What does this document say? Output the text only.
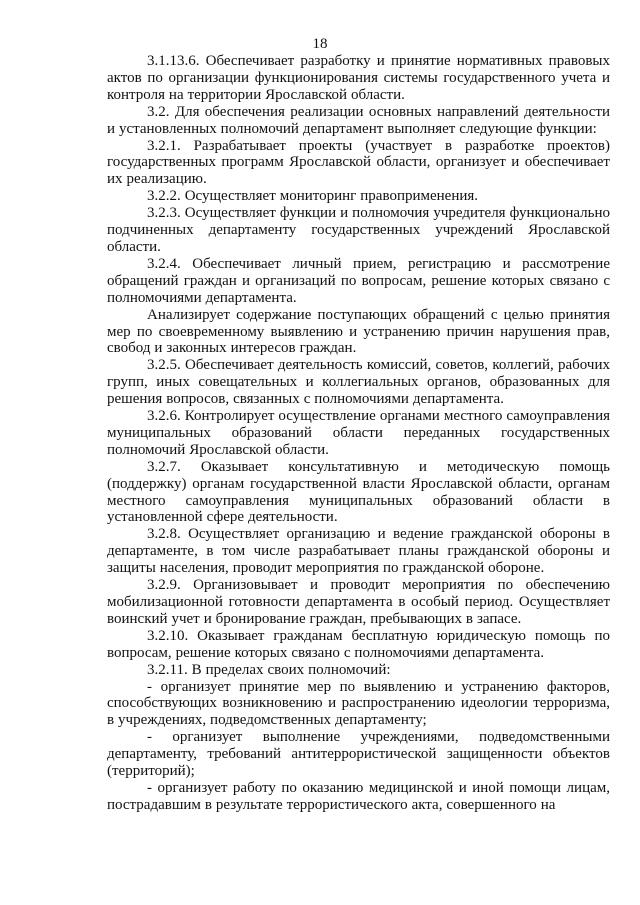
18

3.1.13.6. Обеспечивает разработку и принятие нормативных правовых актов по организации функционирования системы государственного учета и контроля на территории Ярославской области.

3.2. Для обеспечения реализации основных направлений деятельности и установленных полномочий департамент выполняет следующие функции:

3.2.1. Разрабатывает проекты (участвует в разработке проектов) государственных программ Ярославской области, организует и обеспечивает их реализацию.

3.2.2. Осуществляет мониторинг правоприменения.

3.2.3. Осуществляет функции и полномочия учредителя функционально подчиненных департаменту государственных учреждений Ярославской области.

3.2.4. Обеспечивает личный прием, регистрацию и рассмотрение обращений граждан и организаций по вопросам, решение которых связано с полномочиями департамента.

Анализирует содержание поступающих обращений с целью принятия мер по своевременному выявлению и устранению причин нарушения прав, свобод и законных интересов граждан.

3.2.5. Обеспечивает деятельность комиссий, советов, коллегий, рабочих групп, иных совещательных и коллегиальных органов, образованных для решения вопросов, связанных с полномочиями департамента.

3.2.6. Контролирует осуществление органами местного самоуправления муниципальных образований области переданных государственных полномочий Ярославской области.

3.2.7. Оказывает консультативную и методическую помощь (поддержку) органам государственной власти Ярославской области, органам местного самоуправления муниципальных образований области в установленной сфере деятельности.

3.2.8. Осуществляет организацию и ведение гражданской обороны в департаменте, в том числе разрабатывает планы гражданской обороны и защиты населения, проводит мероприятия по гражданской обороне.

3.2.9. Организовывает и проводит мероприятия по обеспечению мобилизационной готовности департамента в особый период. Осуществляет воинский учет и бронирование граждан, пребывающих в запасе.

3.2.10. Оказывает гражданам бесплатную юридическую помощь по вопросам, решение которых связано с полномочиями департамента.

3.2.11. В пределах своих полномочий:

- организует принятие мер по выявлению и устранению факторов, способствующих возникновению и распространению идеологии терроризма, в учреждениях, подведомственных департаменту;

- организует выполнение учреждениями, подведомственными департаменту, требований антитеррористической защищенности объектов (территорий);

- организует работу по оказанию медицинской и иной помощи лицам, пострадавшим в результате террористического акта, совершенного на
